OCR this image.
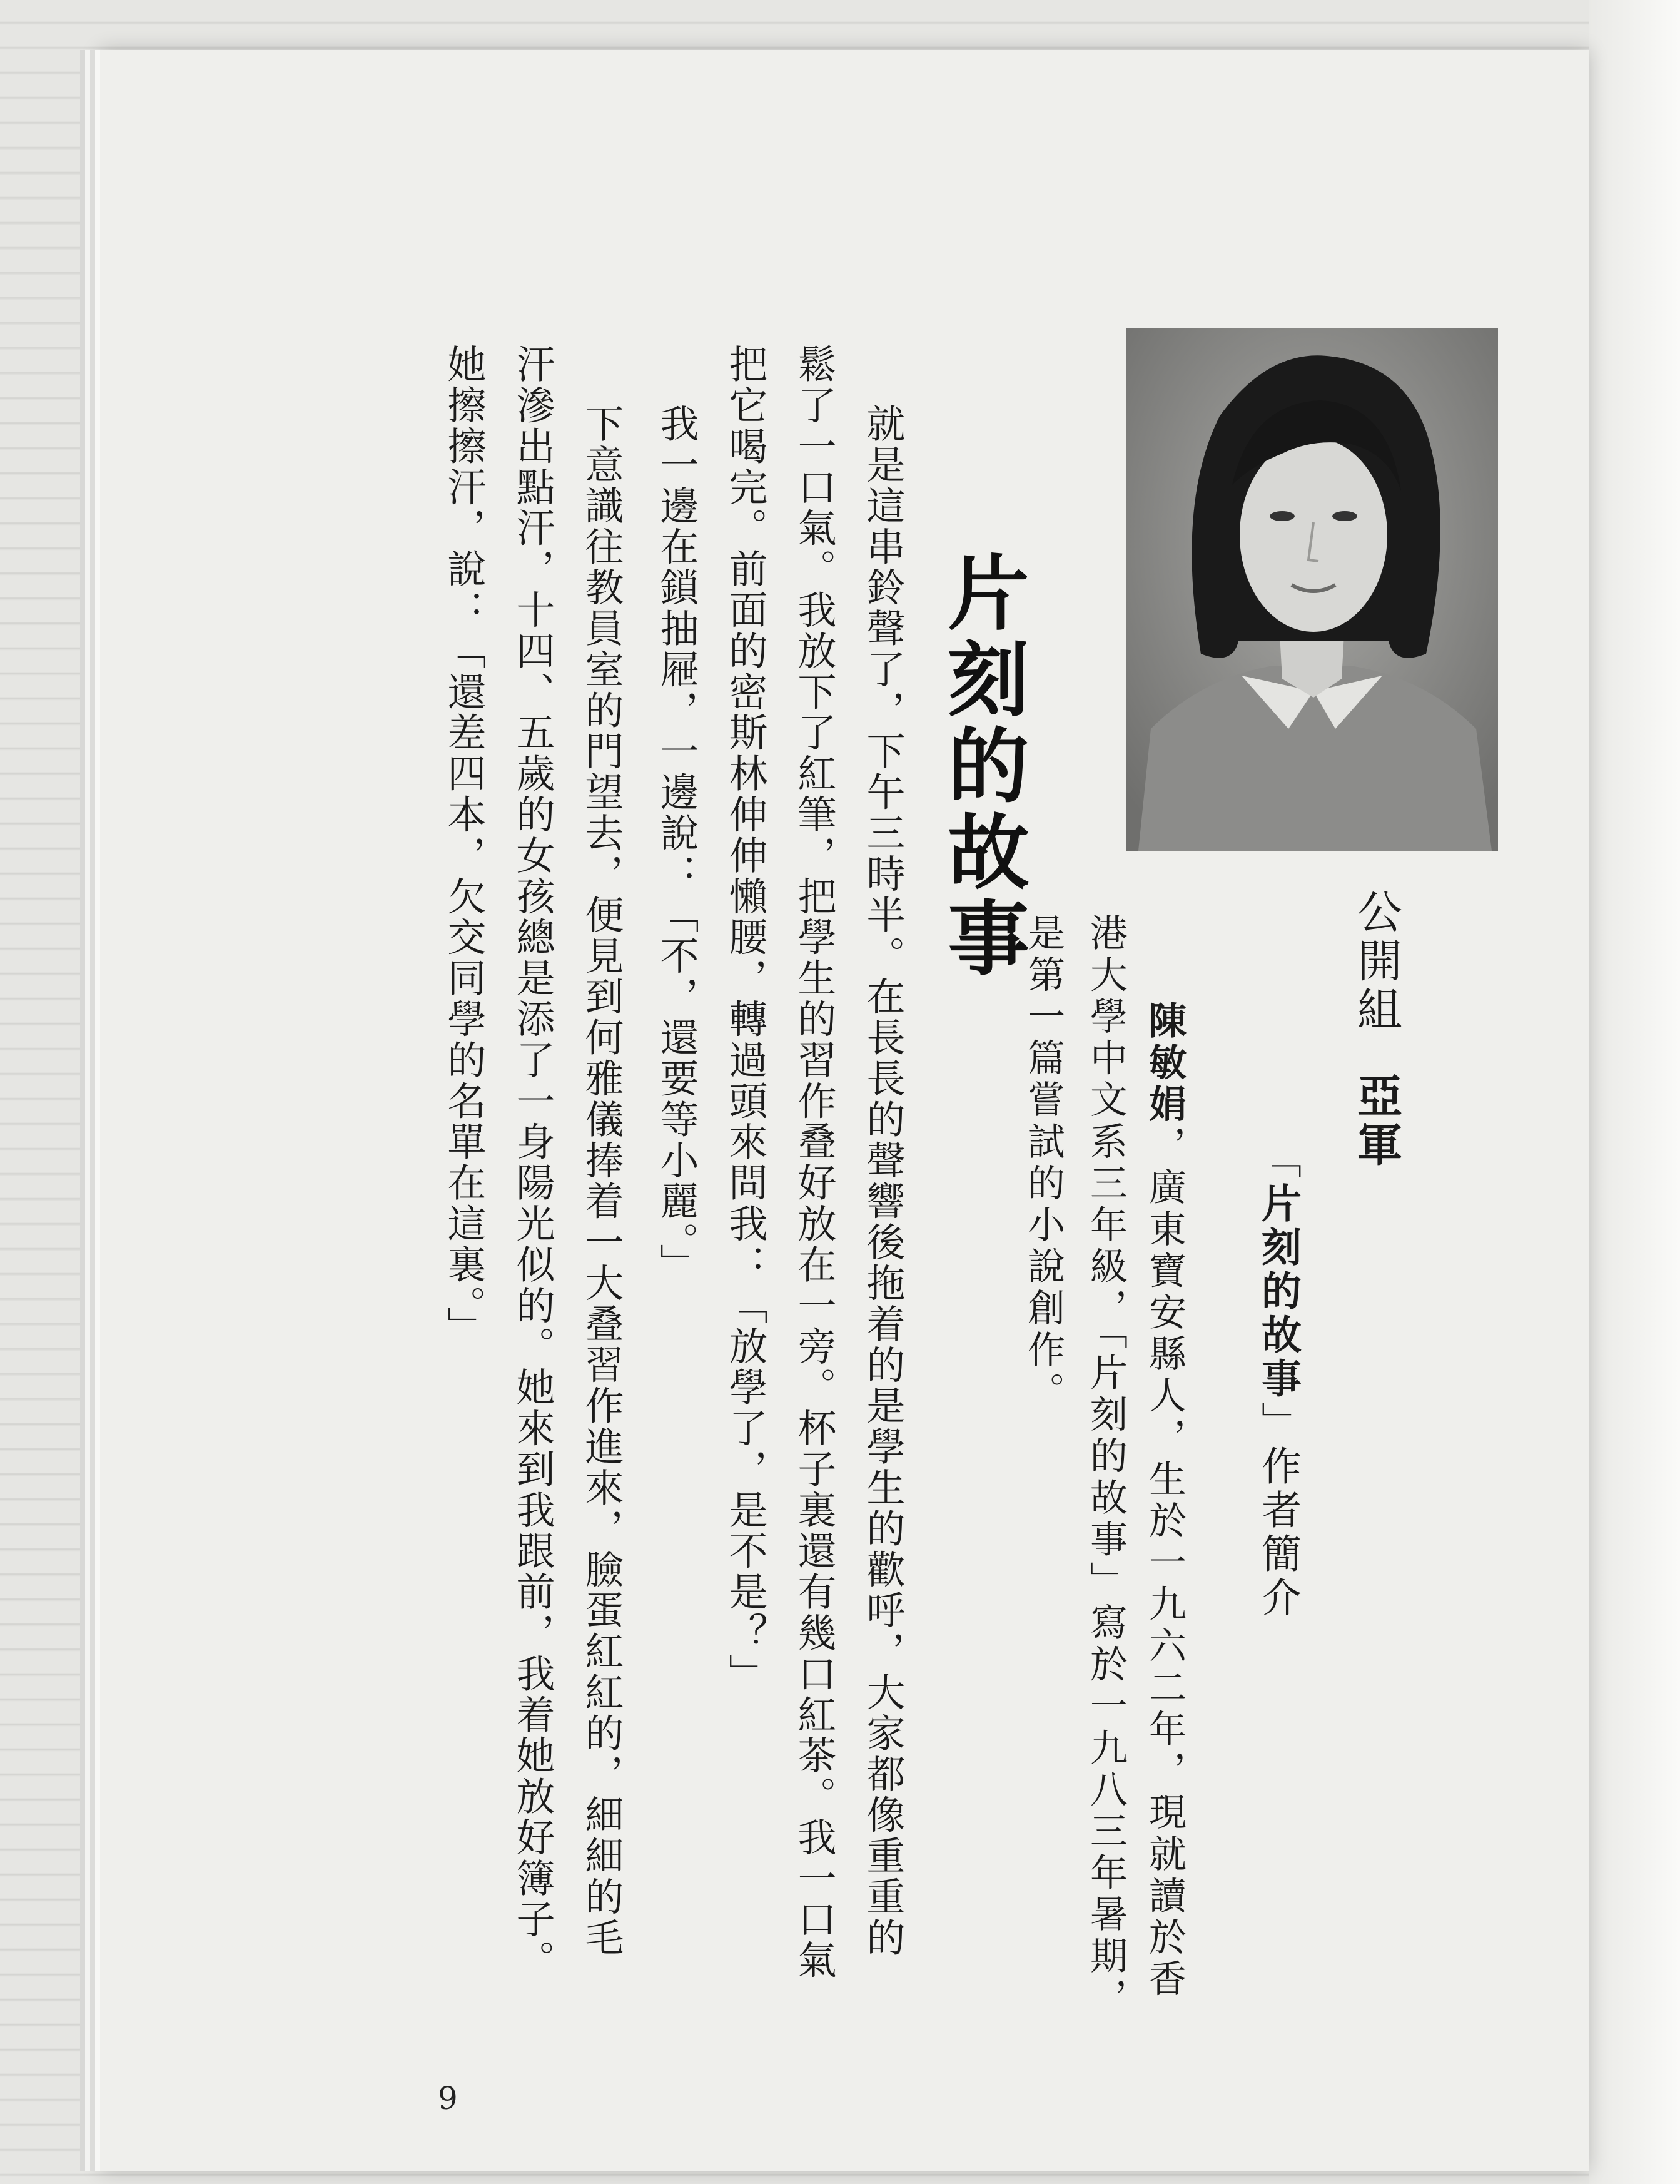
公開組亞軍
「片刻的故事」作者簡介
陳敏娟，廣東寶安縣人，生於一九六二年，現就讀於香
港大學中文系三年級，「片刻的故事」寫於一九八三年暑期，
是第一篇嘗試的小說創作。
片刻的故事
就是這串鈴聲了，下午三時半。在長長的聲響後拖着的是學生的歡呼，大家都像重重的
鬆了一口氣。我放下了紅筆，把學生的習作叠好放在一旁。杯子裏還有幾口紅茶。我一口氣
把它喝完。前面的密斯林伸伸懶腰，轉過頭來問我：「放學了，是不是？」
我一邊在鎖抽屜，一邊說：「不，還要等小麗。」
下意識往教員室的門望去，便見到何雅儀捧着一大叠習作進來，臉蛋紅紅的，細細的毛
汗滲出點汗，十四、五歲的女孩總是添了一身陽光似的。她來到我跟前，我着她放好簿子。
她擦擦汗，說：「還差四本，欠交同學的名單在這裏。」
9
